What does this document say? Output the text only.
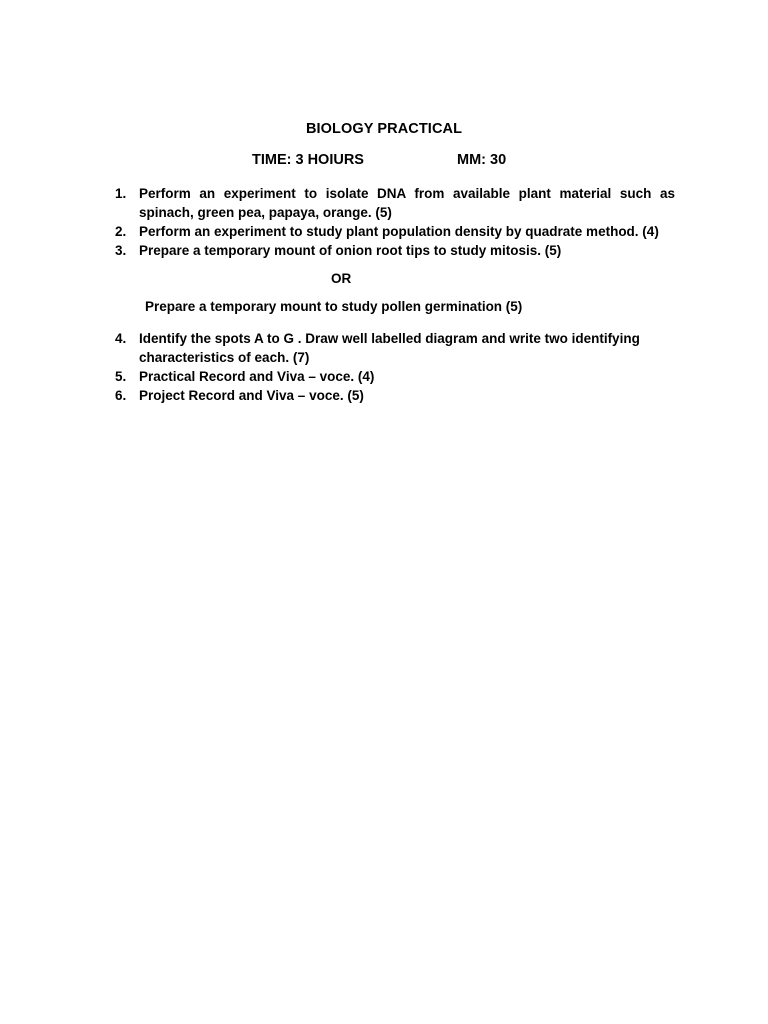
BIOLOGY PRACTICAL
TIME: 3 HOIURS	MM: 30
1. Perform an experiment to isolate DNA from available plant material such as spinach, green pea, papaya, orange. (5)
2. Perform an experiment to study plant population density by quadrate method. (4)
3. Prepare a temporary mount of onion root tips to study mitosis. (5)
OR
Prepare a temporary mount to study pollen germination (5)
4. Identify the spots A to G . Draw well labelled diagram and write two identifying characteristics of each. (7)
5. Practical Record and Viva – voce. (4)
6. Project Record and Viva – voce. (5)
